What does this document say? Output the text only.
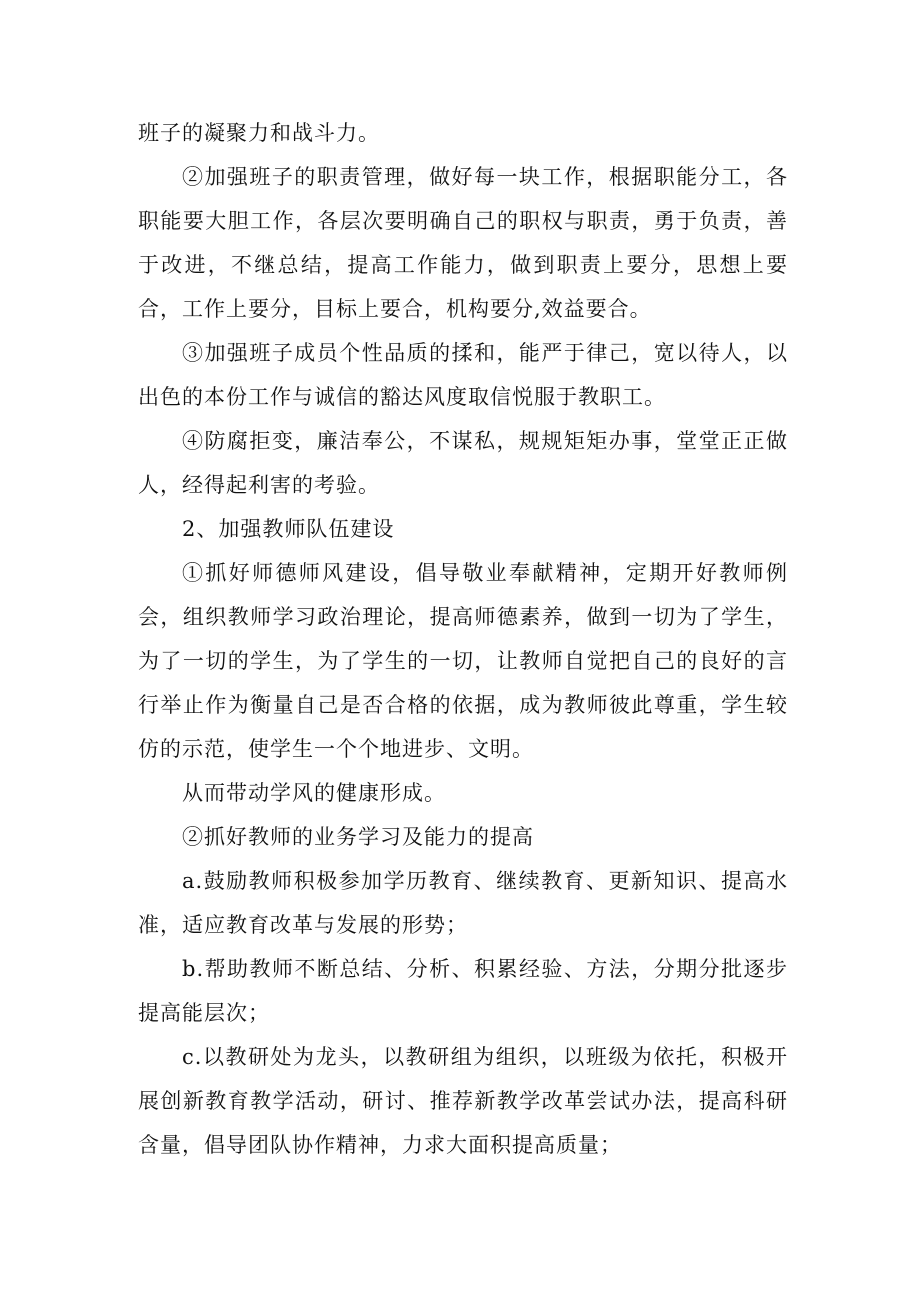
班子的凝聚力和战斗力。

②加强班子的职责管理，做好每一块工作，根据职能分工，各职能要大胆工作，各层次要明确自己的职权与职责，勇于负责，善于改进，不继总结，提高工作能力，做到职责上要分，思想上要合，工作上要分，目标上要合，机构要分,效益要合。

③加强班子成员个性品质的揉和，能严于律己，宽以待人，以出色的本份工作与诚信的豁达风度取信悦服于教职工。

④防腐拒变，廉洁奉公，不谋私，规规矩矩办事，堂堂正正做人，经得起利害的考验。

2、加强教师队伍建设

①抓好师德师风建设，倡导敬业奉献精神，定期开好教师例会，组织教师学习政治理论，提高师德素养，做到一切为了学生，为了一切的学生，为了学生的一切，让教师自觉把自己的良好的言行举止作为衡量自己是否合格的依据，成为教师彼此尊重，学生较仿的示范，使学生一个个地进步、文明。

从而带动学风的健康形成。

②抓好教师的业务学习及能力的提高

a.鼓励教师积极参加学历教育、继续教育、更新知识、提高水准，适应教育改革与发展的形势；

b.帮助教师不断总结、分析、积累经验、方法，分期分批逐步提高能层次；

c.以教研处为龙头，以教研组为组织，以班级为依托，积极开展创新教育教学活动，研讨、推荐新教学改革尝试办法，提高科研含量，倡导团队协作精神，力求大面积提高质量；
